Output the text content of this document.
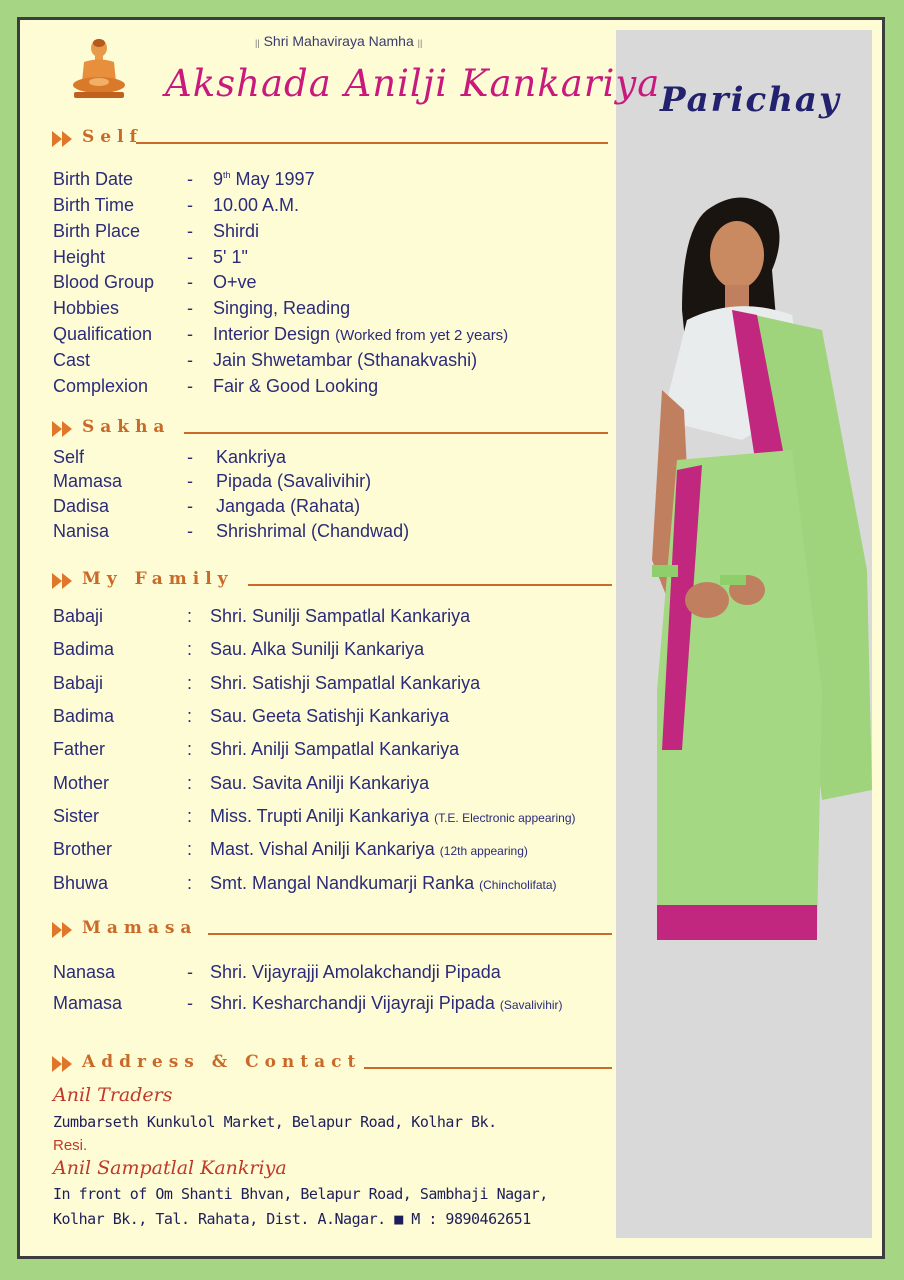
|| Shri Mahaviraya Namha ||
Akshada Anilji Kankariya Parichay
Self
Birth Date	- 9th May 1997
Birth Time	- 10.00 A.M.
Birth Place	- Shirdi
Height	- 5' 1"
Blood Group - O+ve
Hobbies	- Singing, Reading
Qualification - Interior Design (Worked from yet 2 years)
Cast	- Jain Shwetambar (Sthanakvashi)
Complexion - Fair & Good Looking
Sakha
Self	- Kankriya
Mamasa	- Pipada (Savalivihir)
Dadisa	- Jangada (Rahata)
Nanisa	- Shrishrimal (Chandwad)
My Family
Babaji	: Shri. Sunilji Sampatlal Kankariya
Badima	: Sau. Alka Sunilji Kankariya
Babaji	: Shri. Satishji Sampatlal Kankariya
Badima	: Sau. Geeta Satishji Kankariya
Father	: Shri. Anilji Sampatlal Kankariya
Mother	: Sau. Savita Anilji Kankariya
Sister	: Miss. Trupti Anilji Kankariya (T.E. Electronic appearing)
Brother	: Mast. Vishal Anilji Kankariya (12th appearing)
Bhuwa	: Smt. Mangal Nandkumarji Ranka (Chincholifata)
Mamasa
Nanasa	- Shri. Vijayrajji Amolakchandji Pipada
Mamasa	- Shri. Kesharchandji Vijayraji Pipada (Savalivihir)
Address & Contact
Anil Traders
Zumbarseth Kunkulol Market, Belapur Road, Kolhar Bk.
Resi.
Anil Sampatlal Kankriya
In front of Om Shanti Bhvan, Belapur Road, Sambhaji Nagar,
Kolhar Bk., Tal. Rahata, Dist. A.Nagar. ■ M : 9890462651
